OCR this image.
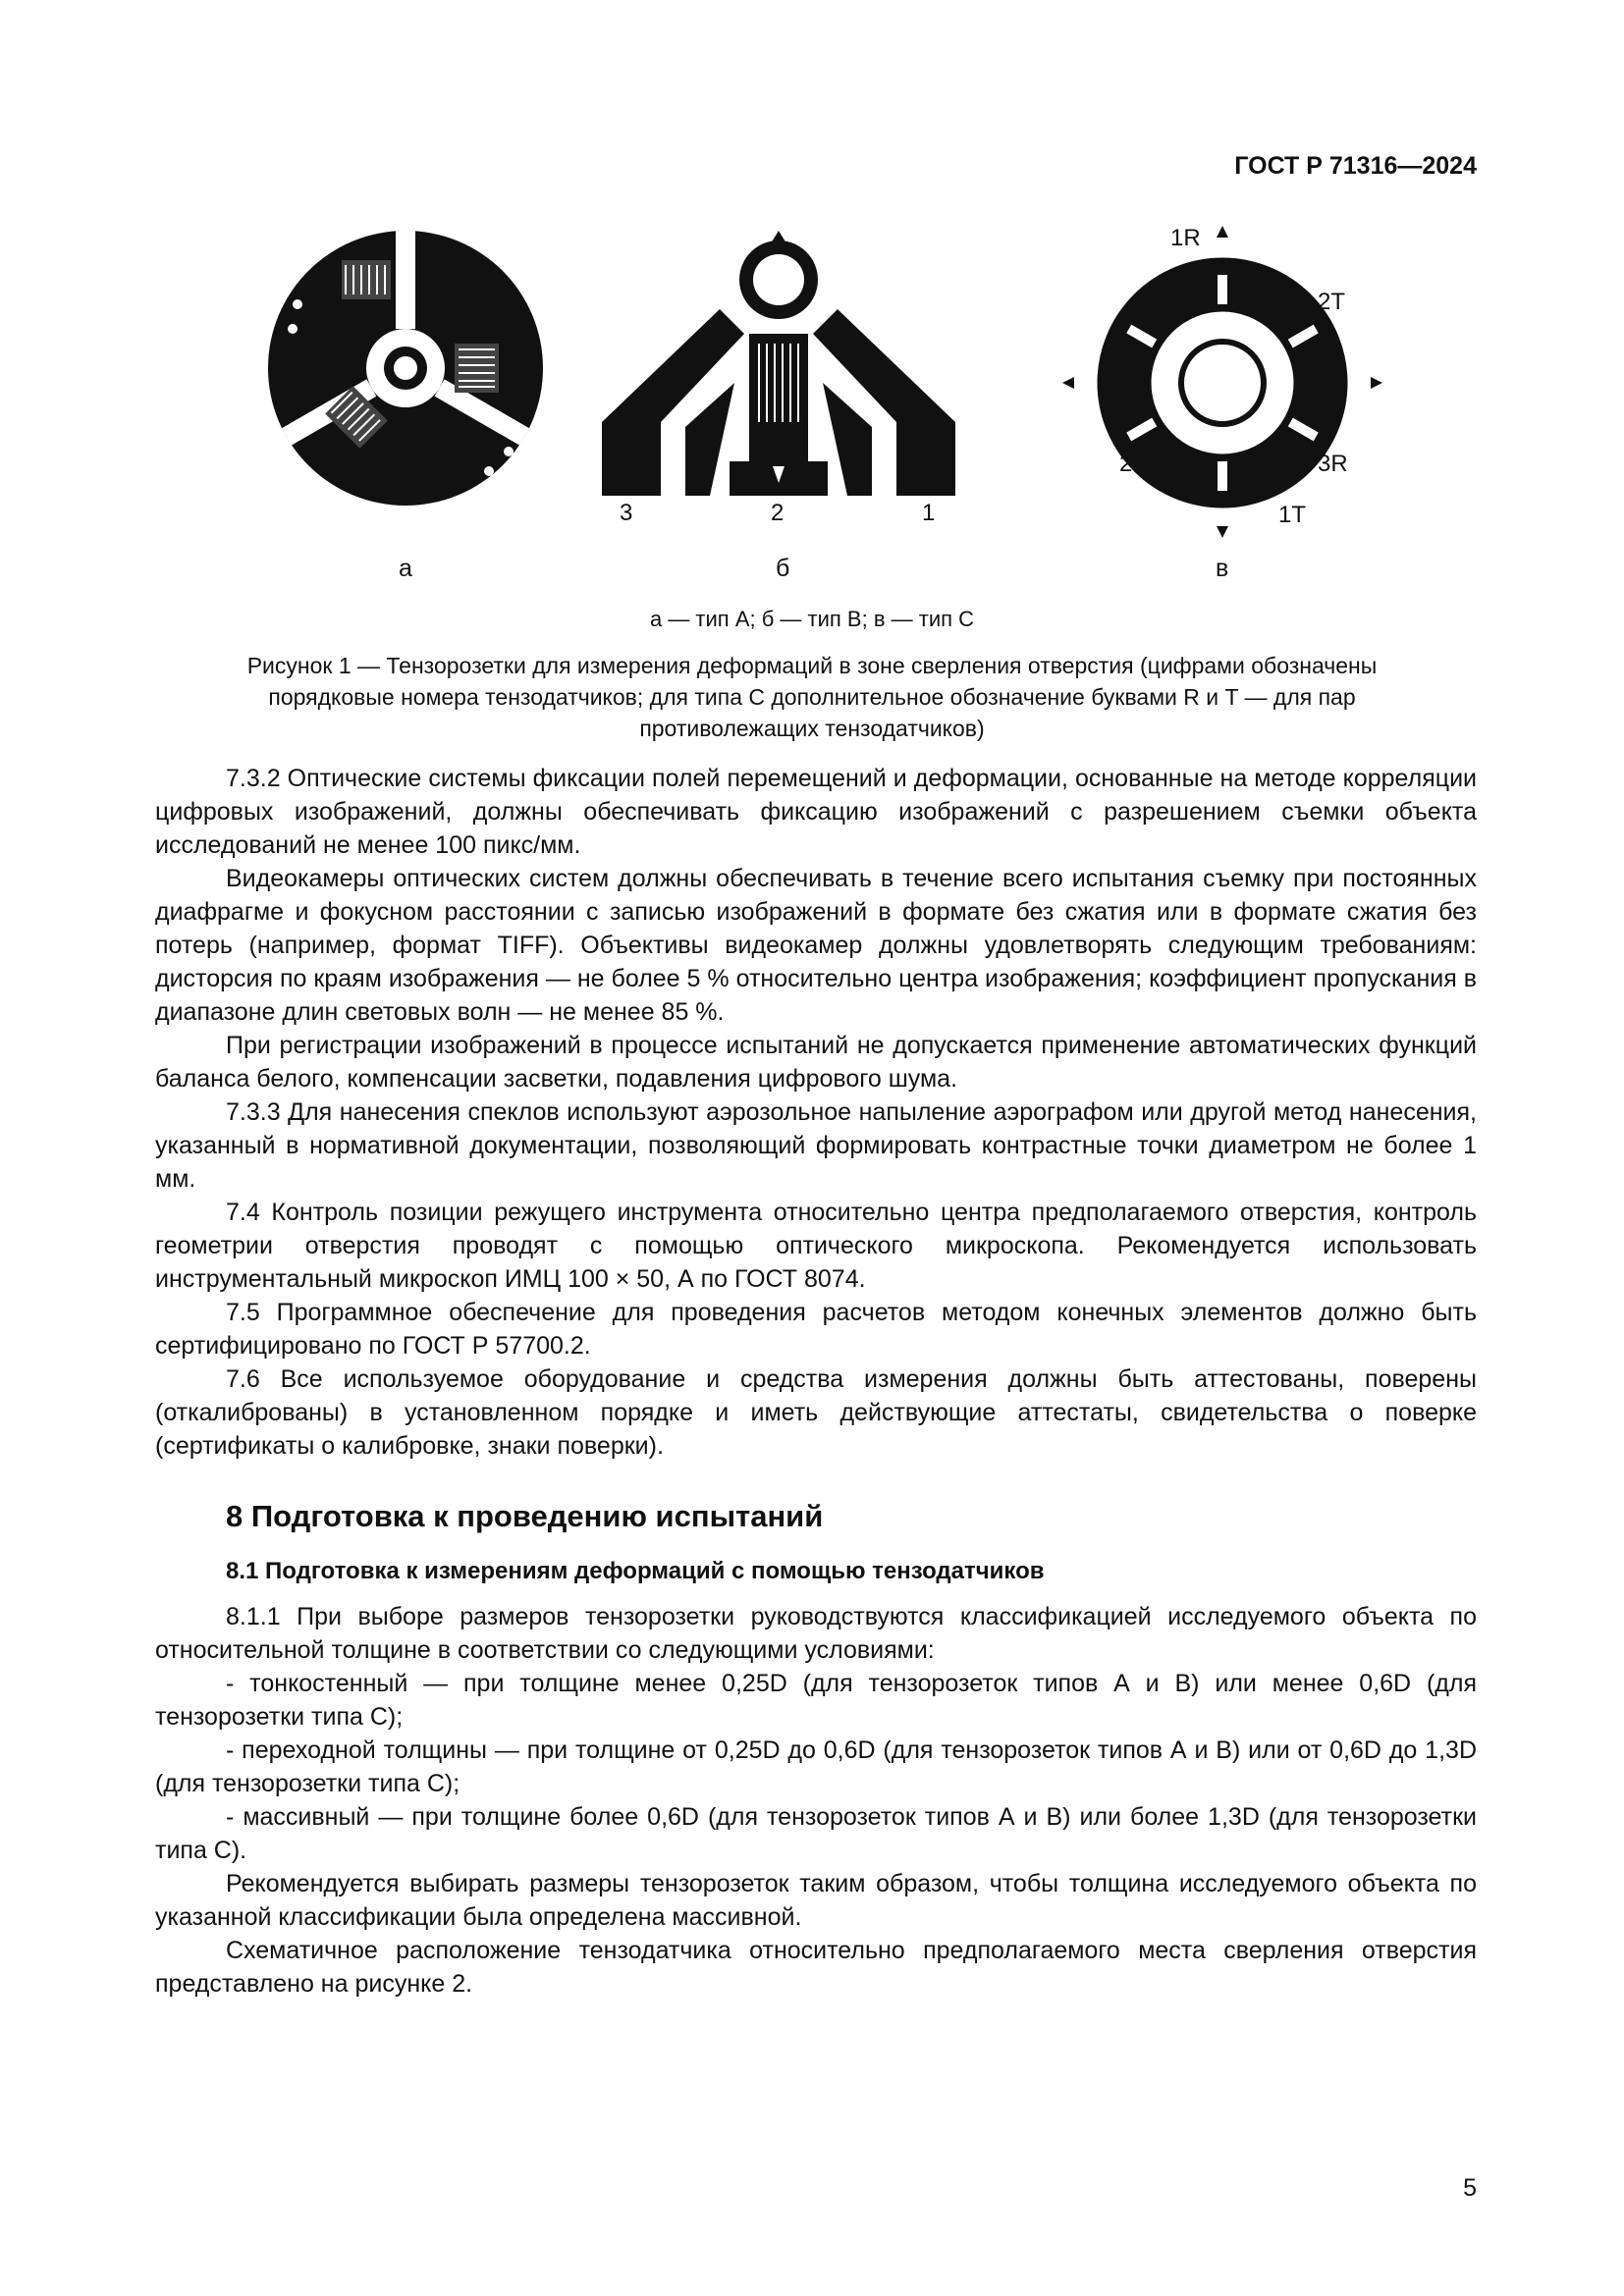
ГОСТ Р 71316—2024
а
3	2	1
б
1R
2T
3R
1T
2R
3T
в
а — тип А; б — тип В; в — тип С
Рисунок 1 — Тензорозетки для измерения деформаций в зоне сверления отверстия (цифрами обозначены порядковые номера тензодатчиков; для типа С дополнительное обозначение буквами R и T — для пар противолежащих тензодатчиков)

7.3.2 Оптические системы фиксации полей перемещений и деформации, основанные на методе корреляции цифровых изображений, должны обеспечивать фиксацию изображений с разрешением съемки объекта исследований не менее 100 пикс/мм.

Видеокамеры оптических систем должны обеспечивать в течение всего испытания съемку при постоянных диафрагме и фокусном расстоянии с записью изображений в формате без сжатия или в формате сжатия без потерь (например, формат TIFF). Объективы видеокамер должны удовлетворять следующим требованиям: дисторсия по краям изображения — не более 5 % относительно центра изображения; коэффициент пропускания в диапазоне длин световых волн — не менее 85 %.

При регистрации изображений в процессе испытаний не допускается применение автоматических функций баланса белого, компенсации засветки, подавления цифрового шума.

7.3.3 Для нанесения спеклов используют аэрозольное напыление аэрографом или другой метод нанесения, указанный в нормативной документации, позволяющий формировать контрастные точки диаметром не более 1 мм.

7.4 Контроль позиции режущего инструмента относительно центра предполагаемого отверстия, контроль геометрии отверстия проводят с помощью оптического микроскопа. Рекомендуется использовать инструментальный микроскоп ИМЦ 100 × 50, А по ГОСТ 8074.

7.5 Программное обеспечение для проведения расчетов методом конечных элементов должно быть сертифицировано по ГОСТ Р 57700.2.

7.6 Все используемое оборудование и средства измерения должны быть аттестованы, поверены (откалиброваны) в установленном порядке и иметь действующие аттестаты, свидетельства о поверке (сертификаты о калибровке, знаки поверки).

8 Подготовка к проведению испытаний

8.1 Подготовка к измерениям деформаций с помощью тензодатчиков

8.1.1 При выборе размеров тензорозетки руководствуются классификацией исследуемого объекта по относительной толщине в соответствии со следующими условиями:

- тонкостенный — при толщине менее 0,25D (для тензорозеток типов А и В) или менее 0,6D (для тензорозетки типа С);

- переходной толщины — при толщине от 0,25D до 0,6D (для тензорозеток типов А и В) или от 0,6D до 1,3D (для тензорозетки типа С);

- массивный — при толщине более 0,6D (для тензорозеток типов А и В) или более 1,3D (для тензорозетки типа С).

Рекомендуется выбирать размеры тензорозеток таким образом, чтобы толщина исследуемого объекта по указанной классификации была определена массивной.

Схематичное расположение тензодатчика относительно предполагаемого места сверления отверстия представлено на рисунке 2.

5
